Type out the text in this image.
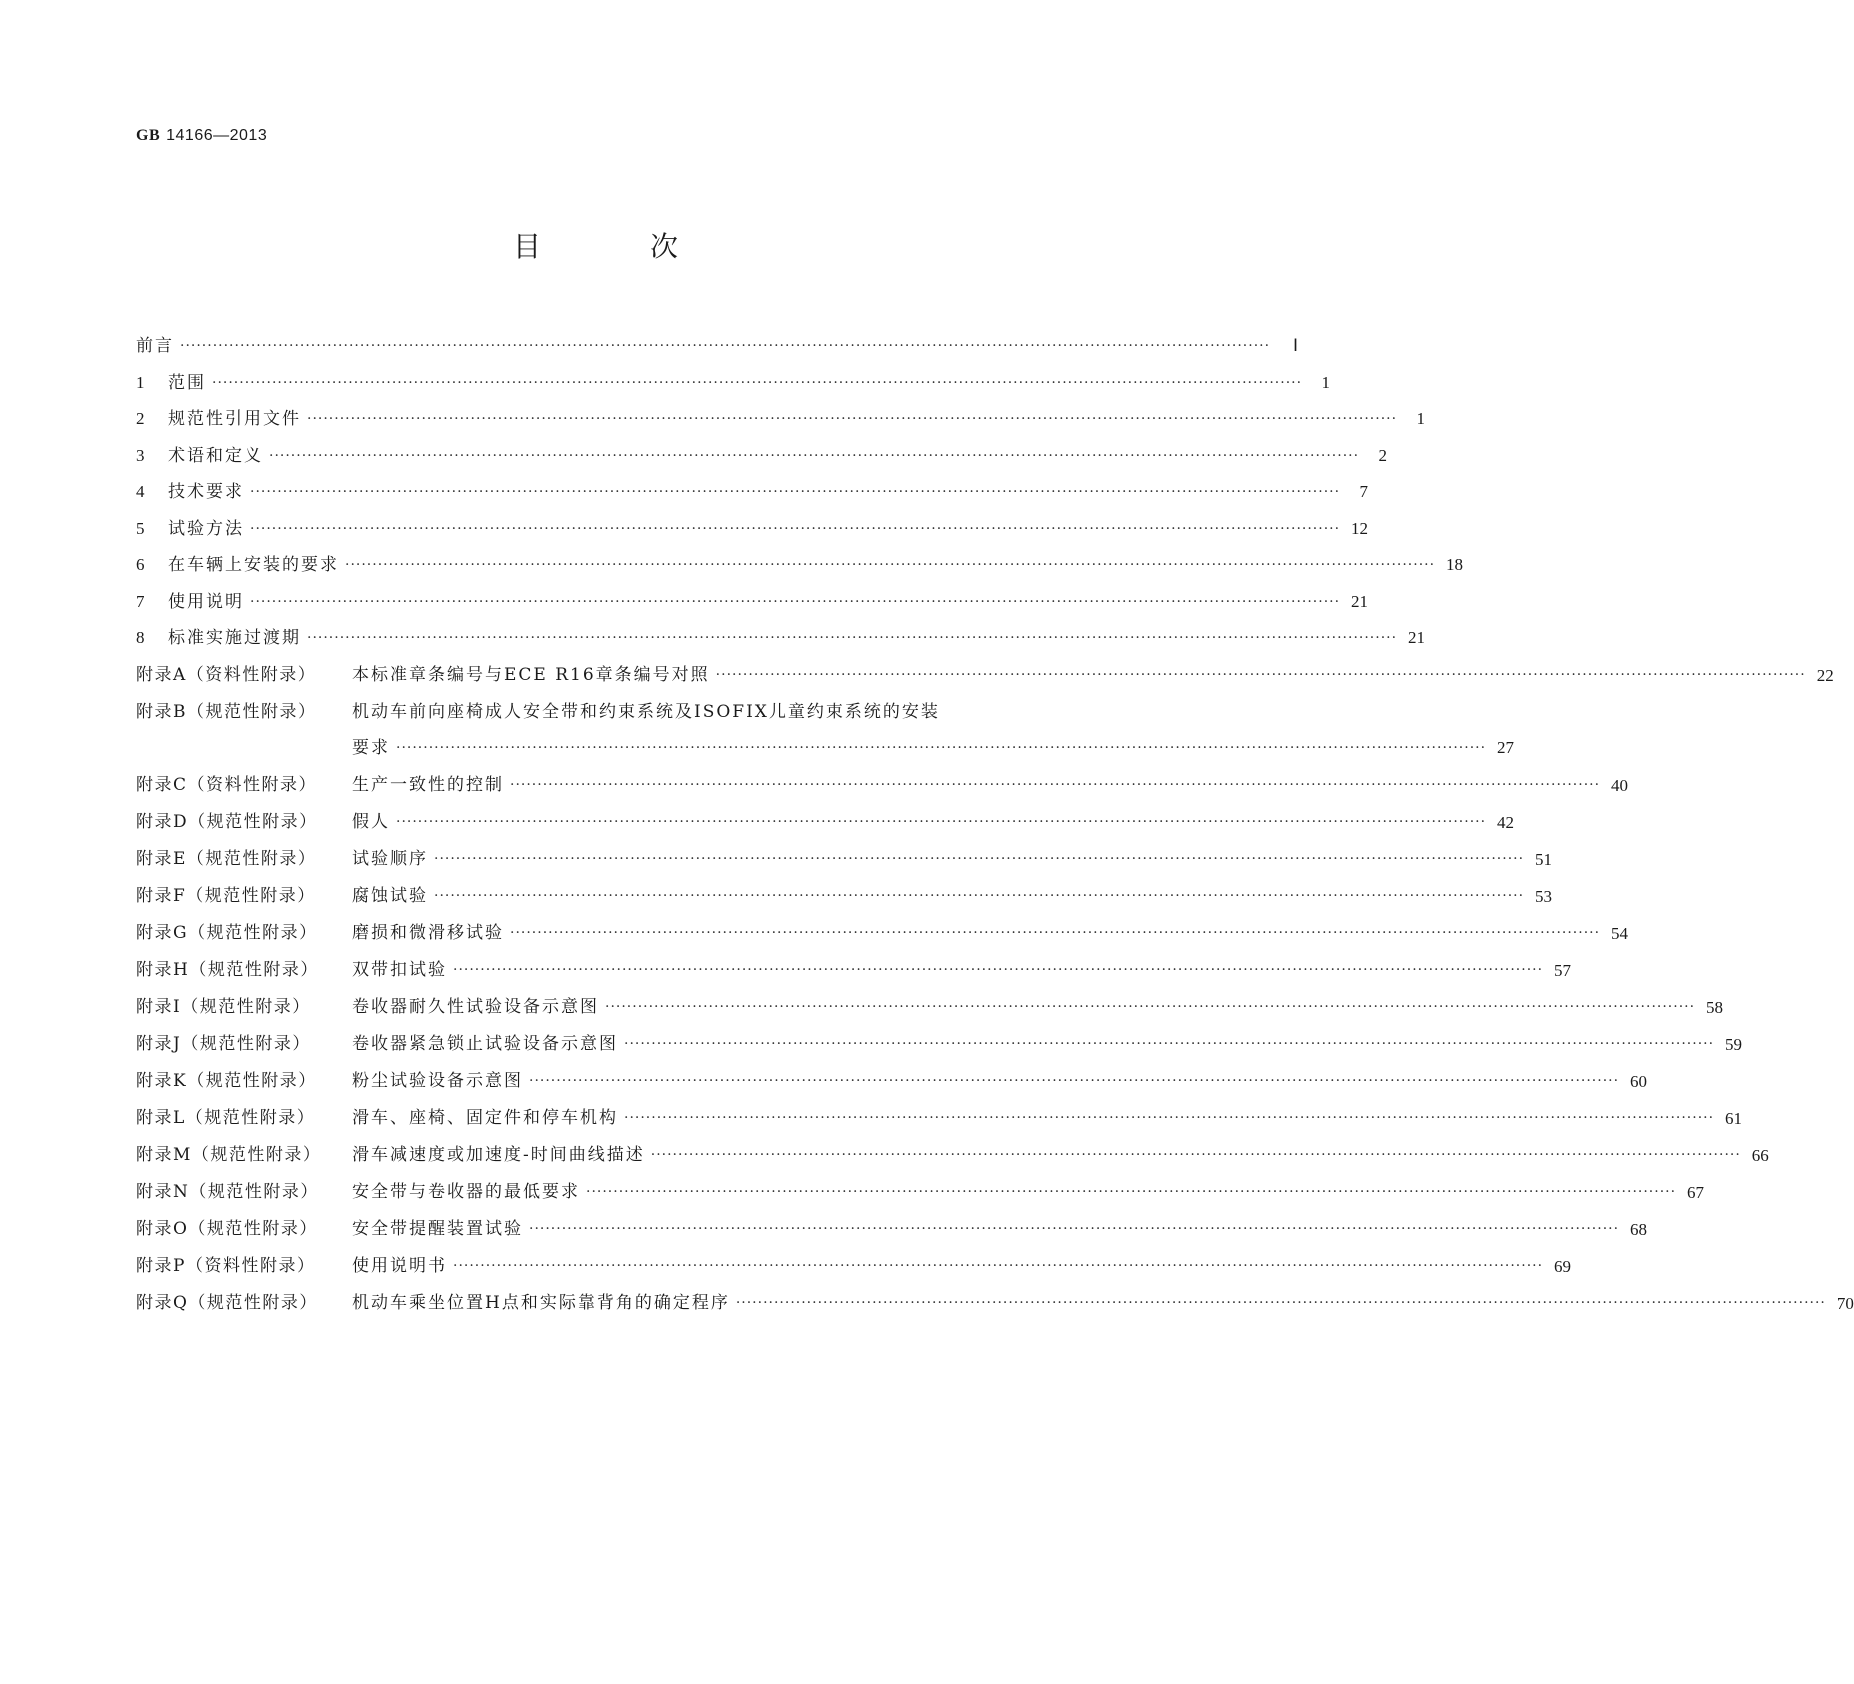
GB 14166—2013
目 次
前言 ········································································································································································································	Ⅰ
1	范围 ········································································································································································································	1
2	规范性引用文件 ········································································································································································································	1
3	术语和定义 ········································································································································································································	2
4	技术要求 ········································································································································································································	7
5	试验方法 ········································································································································································································ 12
6	在车辆上安装的要求 ········································································································································································································ 18
7	使用说明 ········································································································································································································ 21
8	标准实施过渡期 ········································································································································································································ 21
附录A（资料性附录）	本标准章条编号与ECE R16章条编号对照 ········································································································································································································ 22
附录B（规范性附录）	机动车前向座椅成人安全带和约束系统及ISOFIX儿童约束系统的安装
要求 ········································································································································································································ 27
附录C（资料性附录）	生产一致性的控制 ········································································································································································································ 40
附录D（规范性附录）	假人 ········································································································································································································ 42
附录E（规范性附录）	试验顺序 ········································································································································································································ 51
附录F（规范性附录）	腐蚀试验 ········································································································································································································ 53
附录G（规范性附录）	磨损和微滑移试验 ········································································································································································································ 54
附录H（规范性附录）	双带扣试验 ········································································································································································································ 57
附录I（规范性附录）	卷收器耐久性试验设备示意图 ········································································································································································································ 58
附录J（规范性附录）	卷收器紧急锁止试验设备示意图 ········································································································································································································ 59
附录K（规范性附录）	粉尘试验设备示意图 ········································································································································································································ 60
附录L（规范性附录）	滑车、座椅、固定件和停车机构 ········································································································································································································ 61
附录M（规范性附录）	滑车减速度或加速度-时间曲线描述 ········································································································································································································ 66
附录N（规范性附录）	安全带与卷收器的最低要求 ········································································································································································································ 67
附录O（规范性附录）	安全带提醒装置试验 ········································································································································································································ 68
附录P（资料性附录）	使用说明书 ········································································································································································································ 69
附录Q（规范性附录）	机动车乘坐位置H点和实际靠背角的确定程序 ········································································································································································································ 70
